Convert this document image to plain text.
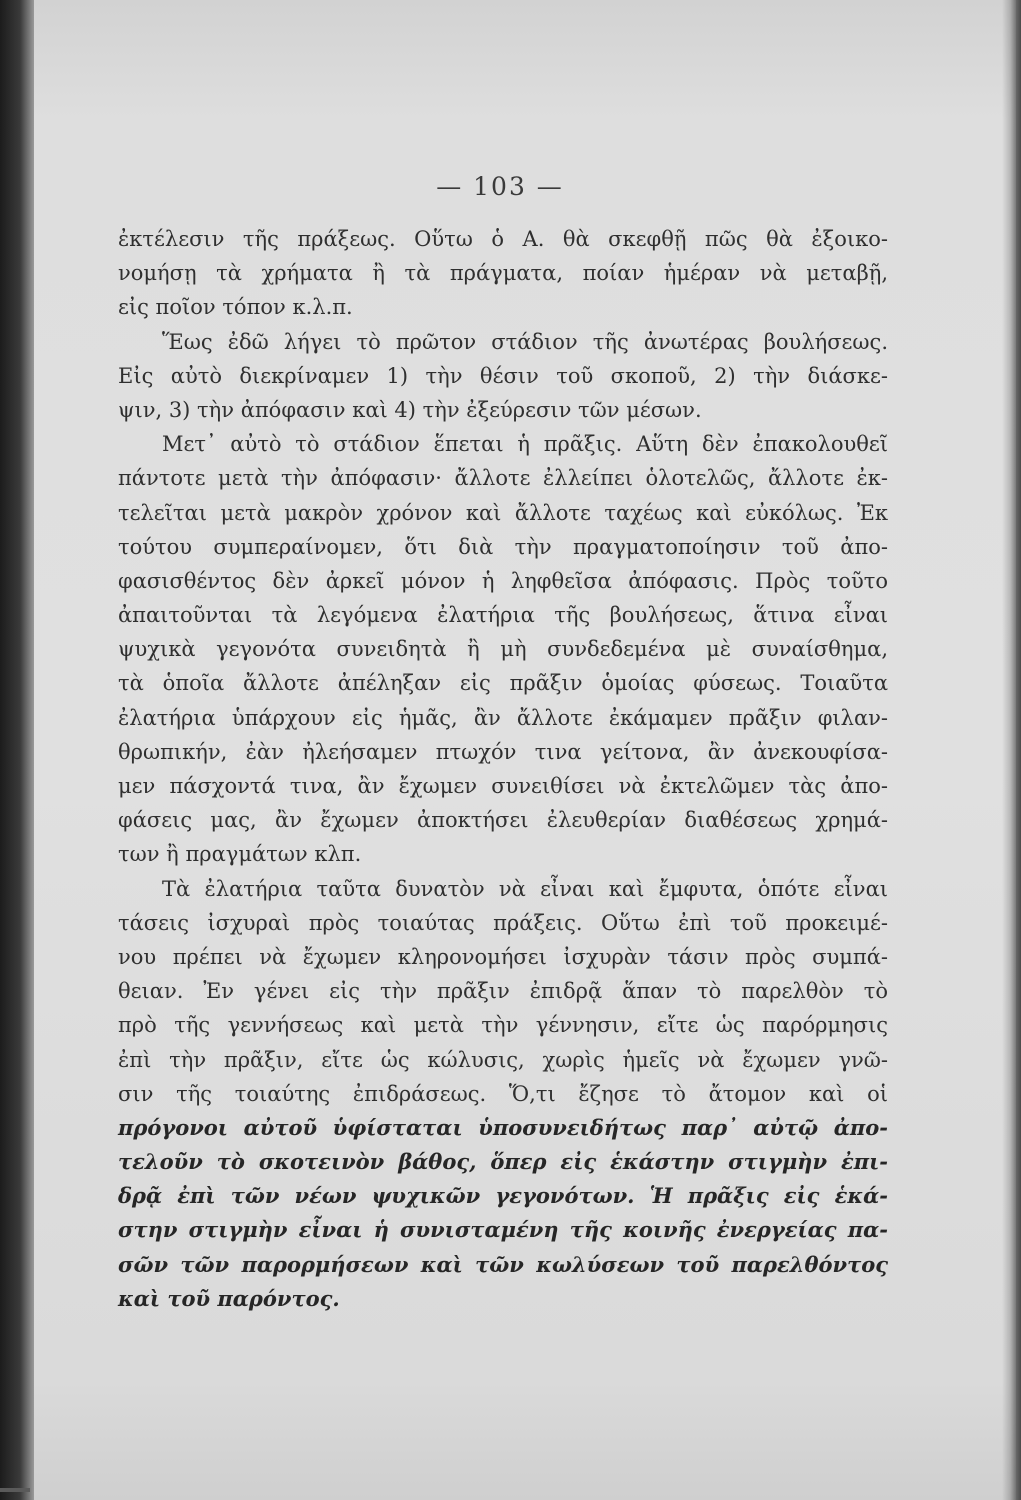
— 103 —
ἐκτέλεσιν τῆς πράξεως. Οὕτω ὁ Α. θὰ σκεφθῇ πῶς θὰ ἐξοικο-
νομήσῃ τὰ χρήματα ἢ τὰ πράγματα, ποίαν ἡμέραν νὰ μεταβῇ,
εἰς ποῖον τόπον κ.λ.π.
Ἕως ἐδῶ λήγει τὸ πρῶτον στάδιον τῆς ἀνωτέρας βουλήσεως.
Εἰς αὐτὸ διεκρίναμεν 1) τὴν θέσιν τοῦ σκοποῦ, 2) τὴν διάσκε-
ψιν, 3) τὴν ἀπόφασιν καὶ 4) τὴν ἐξεύρεσιν τῶν μέσων.
Μετ᾽ αὐτὸ τὸ στάδιον ἕπεται ἡ πρᾶξις. Αὕτη δὲν ἐπακολουθεῖ
πάντοτε μετὰ τὴν ἀπόφασιν· ἄλλοτε ἐλλείπει ὁλοτελῶς, ἄλλοτε ἐκ-
τελεῖται μετὰ μακρὸν χρόνον καὶ ἄλλοτε ταχέως καὶ εὐκόλως. Ἐκ
τούτου συμπεραίνομεν, ὅτι διὰ τὴν πραγματοποίησιν τοῦ ἀπο-
φασισθέντος δὲν ἀρκεῖ μόνον ἡ ληφθεῖσα ἀπόφασις. Πρὸς τοῦτο
ἀπαιτοῦνται τὰ λεγόμενα ἐλατήρια τῆς βουλήσεως, ἅτινα εἶναι
ψυχικὰ γεγονότα συνειδητὰ ἢ μὴ συνδεδεμένα μὲ συναίσθημα,
τὰ ὁποῖα ἄλλοτε ἀπέληξαν εἰς πρᾶξιν ὁμοίας φύσεως. Τοιαῦτα
ἐλατήρια ὑπάρχουν εἰς ἡμᾶς, ἂν ἄλλοτε ἐκάμαμεν πρᾶξιν φιλαν-
θρωπικήν, ἐὰν ἠλεήσαμεν πτωχόν τινα γείτονα, ἂν ἀνεκουφίσα-
μεν πάσχοντά τινα, ἂν ἔχωμεν συνειθίσει νὰ ἐκτελῶμεν τὰς ἀπο-
φάσεις μας, ἂν ἔχωμεν ἀποκτήσει ἐλευθερίαν διαθέσεως χρημά-
των ἢ πραγμάτων κλπ.
Τὰ ἐλατήρια ταῦτα δυνατὸν νὰ εἶναι καὶ ἔμφυτα, ὁπότε εἶναι
τάσεις ἰσχυραὶ πρὸς τοιαύτας πράξεις. Οὕτω ἐπὶ τοῦ προκειμέ-
νου πρέπει νὰ ἔχωμεν κληρονομήσει ἰσχυρὰν τάσιν πρὸς συμπά-
θειαν. Ἐν γένει εἰς τὴν πρᾶξιν ἐπιδρᾷ ἅπαν τὸ παρελθὸν τὸ
πρὸ τῆς γεννήσεως καὶ μετὰ τὴν γέννησιν, εἴτε ὡς παρόρμησις
ἐπὶ τὴν πρᾶξιν, εἴτε ὡς κώλυσις, χωρὶς ἡμεῖς νὰ ἔχωμεν γνῶ-
σιν τῆς τοιαύτης ἐπιδράσεως. Ὅ,τι ἔζησε τὸ ἄτομον καὶ οἱ
πρόγονοι αὐτοῦ ὑφίσταται ὑποσυνειδήτως παρ᾽ αὐτῷ ἀπο-
τελοῦν τὸ σκοτεινὸν βάθος, ὅπερ εἰς ἑκάστην στιγμὴν ἐπι-
δρᾷ ἐπὶ τῶν νέων ψυχικῶν γεγονότων. Ἡ πρᾶξις εἰς ἑκά-
στην στιγμὴν εἶναι ἡ συνισταμένη τῆς κοινῆς ἐνεργείας πα-
σῶν τῶν παρορμήσεων καὶ τῶν κωλύσεων τοῦ παρελθόντος
καὶ τοῦ παρόντος.
